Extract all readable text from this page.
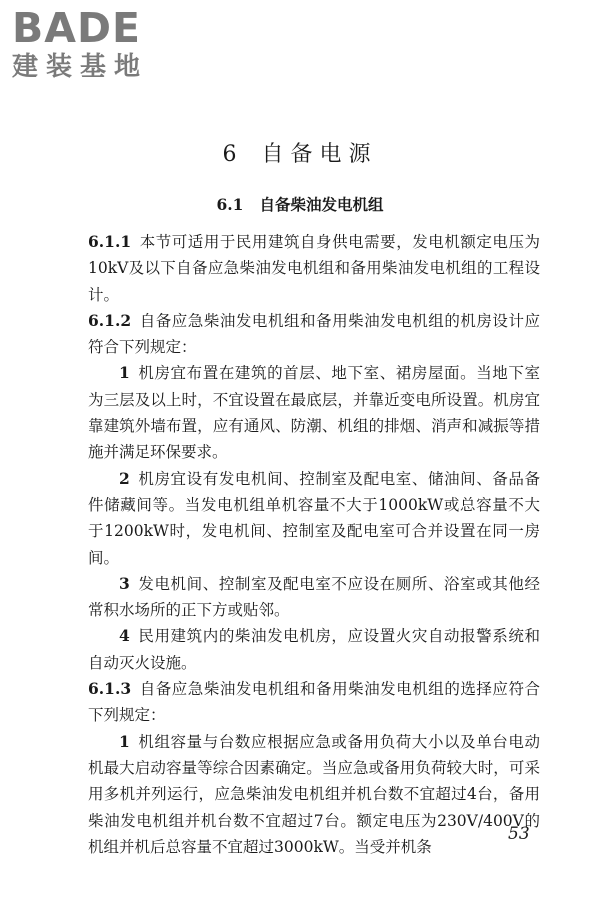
BADE
建装基地
6 自备电源
6.1 自备柴油发电机组

6.1.1 本节可适用于民用建筑自身供电需要，发电机额定电压为10kV及以下自备应急柴油发电机组和备用柴油发电机组的工程设计。

6.1.2 自备应急柴油发电机组和备用柴油发电机组的机房设计应符合下列规定：

1 机房宜布置在建筑的首层、地下室、裙房屋面。当地下室为三层及以上时，不宜设置在最底层，并靠近变电所设置。机房宜靠建筑外墙布置，应有通风、防潮、机组的排烟、消声和减振等措施并满足环保要求。

2 机房宜设有发电机间、控制室及配电室、储油间、备品备件储藏间等。当发电机组单机容量不大于1000kW或总容量不大于1200kW时，发电机间、控制室及配电室可合并设置在同一房间。

3 发电机间、控制室及配电室不应设在厕所、浴室或其他经常积水场所的正下方或贴邻。

4 民用建筑内的柴油发电机房，应设置火灾自动报警系统和自动灭火设施。

6.1.3 自备应急柴油发电机组和备用柴油发电机组的选择应符合下列规定：

1 机组容量与台数应根据应急或备用负荷大小以及单台电动机最大启动容量等综合因素确定。当应急或备用负荷较大时，可采用多机并列运行，应急柴油发电机组并机台数不宜超过4台，备用柴油发电机组并机台数不宜超过7台。额定电压为230V/400V的机组并机后总容量不宜超过3000kW。当受并机条

53
